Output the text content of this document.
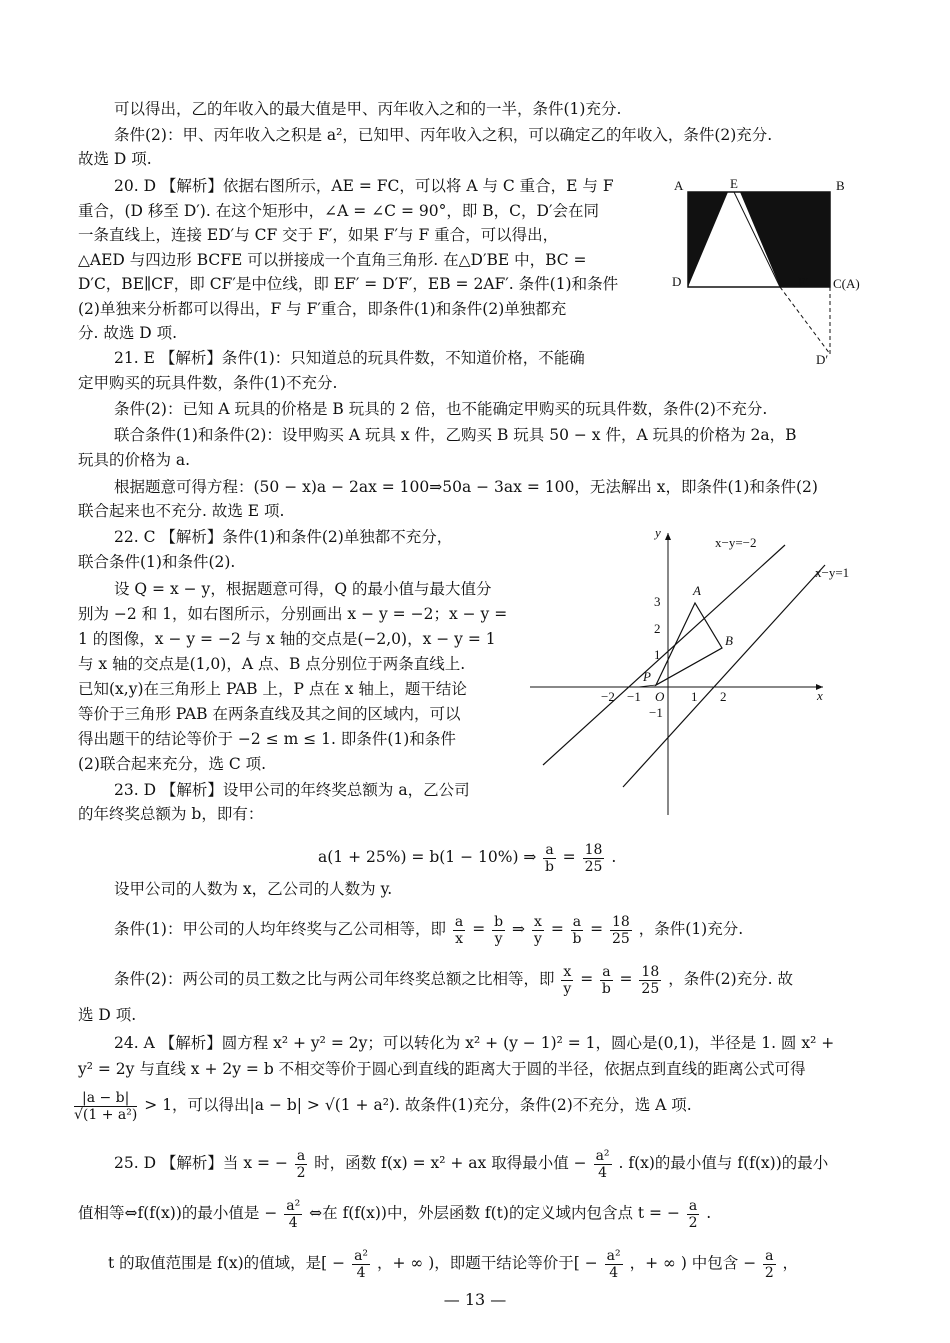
可以得出，乙的年收入的最大值是甲、丙年收入之和的一半，条件(1)充分.
条件(2)：甲、丙年收入之积是 a²，已知甲、丙年收入之积，可以确定乙的年收入，条件(2)充分.
故选 D 项.
20. D 【解析】依据右图所示，AE = FC，可以将 A 与 C 重合，E 与 F
重合，(D 移至 D′). 在这个矩形中，∠A = ∠C = 90°，即 B，C，D′会在同
一条直线上，连接 ED′与 CF 交于 F′，如果 F′与 F 重合，可以得出，
△AED 与四边形 BCFE 可以拼接成一个直角三角形. 在△D′BE 中，BC =
D′C，BE∥CF，即 CF′是中位线，即 EF′ = D′F′，EB = 2AF′. 条件(1)和条件
(2)单独来分析都可以得出，F 与 F′重合，即条件(1)和条件(2)单独都充
分. 故选 D 项.
21. E 【解析】条件(1)：只知道总的玩具件数，不知道价格，不能确
定甲购买的玩具件数，条件(1)不充分.
条件(2)：已知 A 玩具的价格是 B 玩具的 2 倍，也不能确定甲购买的玩具件数，条件(2)不充分.
联合条件(1)和条件(2)：设甲购买 A 玩具 x 件，乙购买 B 玩具 50 − x 件，A 玩具的价格为 2a，B
玩具的价格为 a.
根据题意可得方程：(50 − x)a − 2ax = 100⇒50a − 3ax = 100，无法解出 x，即条件(1)和条件(2)
联合起来也不充分. 故选 E 项.
22. C 【解析】条件(1)和条件(2)单独都不充分，
联合条件(1)和条件(2).
设 Q = x − y，根据题意可得，Q 的最小值与最大值分
别为 −2 和 1，如右图所示，分别画出 x − y = −2；x − y =
1 的图像，x − y = −2 与 x 轴的交点是(−2,0)，x − y = 1
与 x 轴的交点是(1,0)，A 点、B 点分别位于两条直线上.
已知(x,y)在三角形上 PAB 上，P 点在 x 轴上，题干结论
等价于三角形 PAB 在两条直线及其之间的区域内，可以
得出题干的结论等价于 −2 ≤ m ≤ 1. 即条件(1)和条件
(2)联合起来充分，选 C 项.
23. D 【解析】设甲公司的年终奖总额为 a，乙公司
的年终奖总额为 b，即有：
a(1 + 25%) = b(1 − 10%) ⇒ $\frac{a}{b} = \frac{18}{25}$ .
设甲公司的人数为 x，乙公司的人数为 y.
条件(1)：甲公司的人均年终奖与乙公司相等，即 $\frac{a}{x} = \frac{b}{y}$ ⇒ $\frac{x}{y} = \frac{a}{b} = \frac{18}{25}$ ，条件(1)充分.
条件(2)：两公司的员工数之比与两公司年终奖总额之比相等，即 $\frac{x}{y} = \frac{a}{b} = \frac{18}{25}$ ，条件(2)充分. 故
选 D 项.
24. A 【解析】圆方程 x² + y² = 2y；可以转化为 x² + (y − 1)² = 1，圆心是(0,1)，半径是 1. 圆 x² +
y² = 2y 与直线 x + 2y = b 不相交等价于圆心到直线的距离大于圆的半径，依据点到直线的距离公式可得
$\frac{|a - b|}{\text{√(1 + a²)}} > 1$，可以得出|a − b| > √(1 + a²). 故条件(1)充分，条件(2)不充分，选 A 项.
25. D 【解析】当 x = − $\frac{a}{2}$ 时，函数 f(x) = x² + ax 取得最小值 − $\frac{\text{a²}}{4}$ . f(x)的最小值与 f(f(x))的最小
值相等⇔f(f(x))的最小值是 − $\frac{\text{a²}}{4}$ ⇔在 f(f(x))中，外层函数 f(t)的定义域内包含点 t = − $\frac{a}{2}$ .
t 的取值范围是 f(x)的值域，是[ − $\frac{\text{a²}}{4}$ ，+ ∞ )，即题干结论等价于[ − $\frac{\text{a²}}{4}$ ，+ ∞ ) 中包含 − $\frac{a}{2}$ ，
A	E	B
D	F′ C(A)
D′
y
x
x−y=−2
x−y=1
3
2
1
−1
−2 −1 O 1 2
A
B
P
— 13 —
